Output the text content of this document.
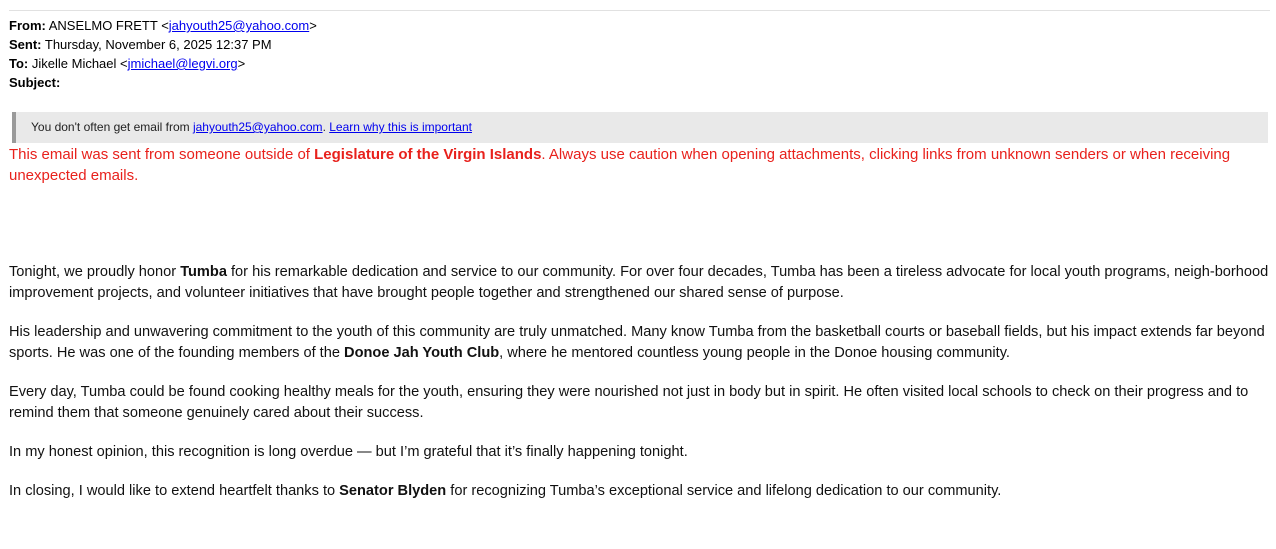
From: ANSELMO FRETT <jahyouth25@yahoo.com>
Sent: Thursday, November 6, 2025 12:37 PM
To: Jikelle Michael <jmichael@legvi.org>
Subject:
You don't often get email from jahyouth25@yahoo.com. Learn why this is important
This email was sent from someone outside of Legislature of the Virgin Islands. Always use caution when opening attachments, clicking links from unknown senders or when receiving unexpected emails.

Tonight, we proudly honor Tumba for his remarkable dedication and service to our community. For over four decades, Tumba has been a tireless advocate for local youth programs, neigh-borhood improvement projects, and volunteer initiatives that have brought people together and strengthened our shared sense of purpose.

His leadership and unwavering commitment to the youth of this community are truly unmatched. Many know Tumba from the basketball courts or baseball fields, but his impact extends far beyond sports. He was one of the founding members of the Donoe Jah Youth Club, where he mentored countless young people in the Donoe housing community.

Every day, Tumba could be found cooking healthy meals for the youth, ensuring they were nourished not just in body but in spirit. He often visited local schools to check on their progress and to remind them that someone genuinely cared about their success.

In my honest opinion, this recognition is long overdue — but I’m grateful that it’s finally happening tonight.

In closing, I would like to extend heartfelt thanks to Senator Blyden for recognizing Tumba’s exceptional service and lifelong dedication to our community.
